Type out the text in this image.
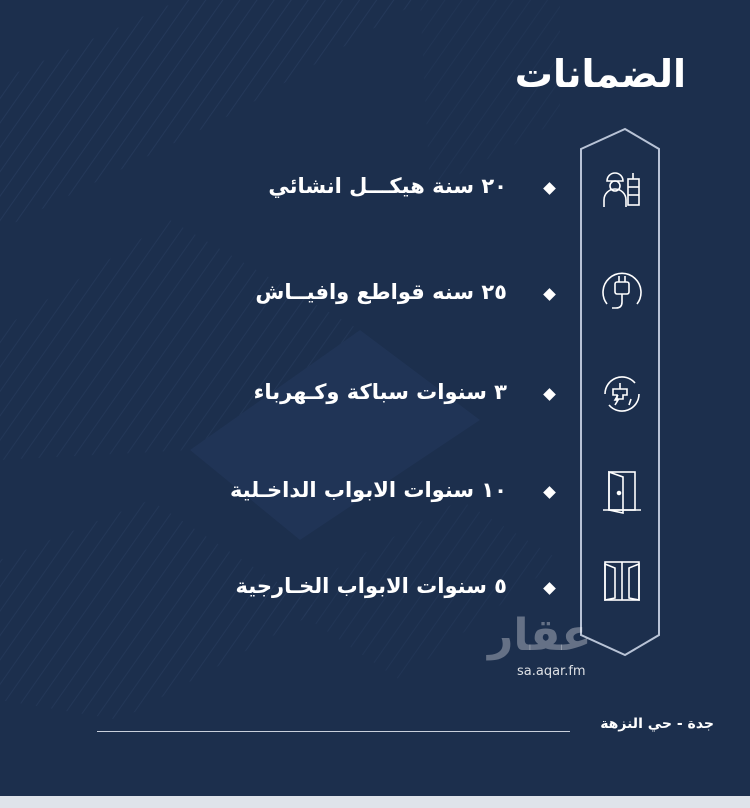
الضمانات
٢٠ سنة هيكـــل انشائي
٢٥ سنه قواطع وافيــاش
٣ سنوات سباكة وكـهرباء
١٠ سنوات الابواب الداخـلية
٥ سنوات الابواب الخـارجية
عقار
sa.aqar.fm
جدة - حي النزهة
